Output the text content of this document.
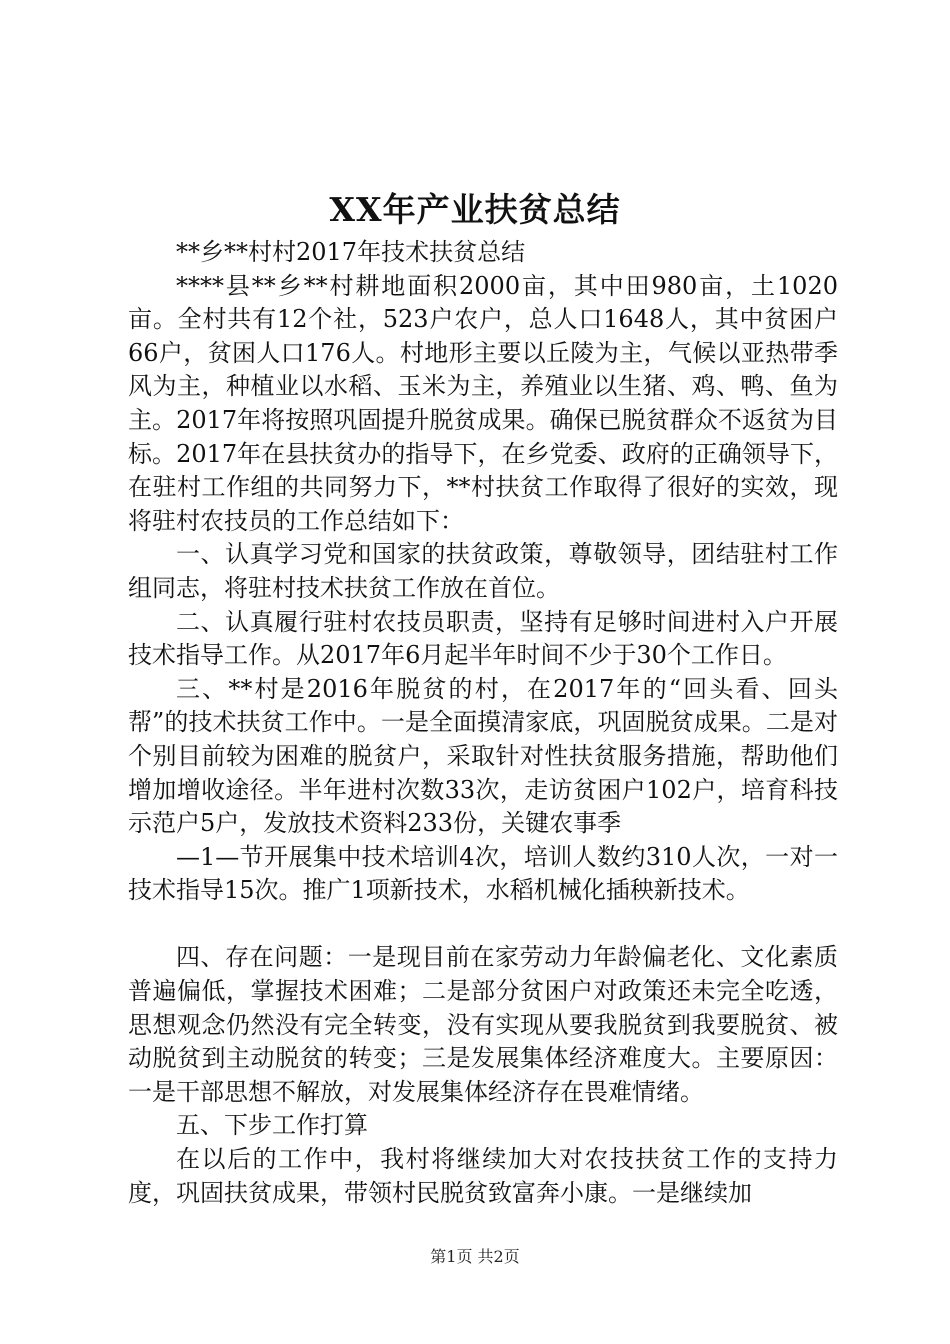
XX年产业扶贫总结

**乡**村村2017年技术扶贫总结

****县**乡**村耕地面积2000亩，其中田980亩，土1020亩。全村共有12个社，523户农户，总人口1648人，其中贫困户66户，贫困人口176人。村地形主要以丘陵为主，气候以亚热带季风为主，种植业以水稻、玉米为主，养殖业以生猪、鸡、鸭、鱼为主。2017年将按照巩固提升脱贫成果。确保已脱贫群众不返贫为目标。2017年在县扶贫办的指导下，在乡党委、政府的正确领导下，在驻村工作组的共同努力下，**村扶贫工作取得了很好的实效，现将驻村农技员的工作总结如下：

一、认真学习党和国家的扶贫政策，尊敬领导，团结驻村工作组同志，将驻村技术扶贫工作放在首位。

二、认真履行驻村农技员职责，坚持有足够时间进村入户开展技术指导工作。从2017年6月起半年时间不少于30个工作日。

三、**村是2016年脱贫的村，在2017年的“回头看、回头帮”的技术扶贫工作中。一是全面摸清家底，巩固脱贫成果。二是对个别目前较为困难的脱贫户，采取针对性扶贫服务措施，帮助他们增加增收途径。半年进村次数33次，走访贫困户102户，培育科技示范户5户，发放技术资料233份，关键农事季

—1—节开展集中技术培训4次，培训人数约310人次，一对一技术指导15次。推广1项新技术，水稻机械化插秧新技术。

四、存在问题：一是现目前在家劳动力年龄偏老化、文化素质普遍偏低，掌握技术困难；二是部分贫困户对政策还未完全吃透，思想观念仍然没有完全转变，没有实现从要我脱贫到我要脱贫、被动脱贫到主动脱贫的转变；三是发展集体经济难度大。主要原因：一是干部思想不解放，对发展集体经济存在畏难情绪。

五、下步工作打算

在以后的工作中，我村将继续加大对农技扶贫工作的支持力度，巩固扶贫成果，带领村民脱贫致富奔小康。一是继续加

第1页 共2页
